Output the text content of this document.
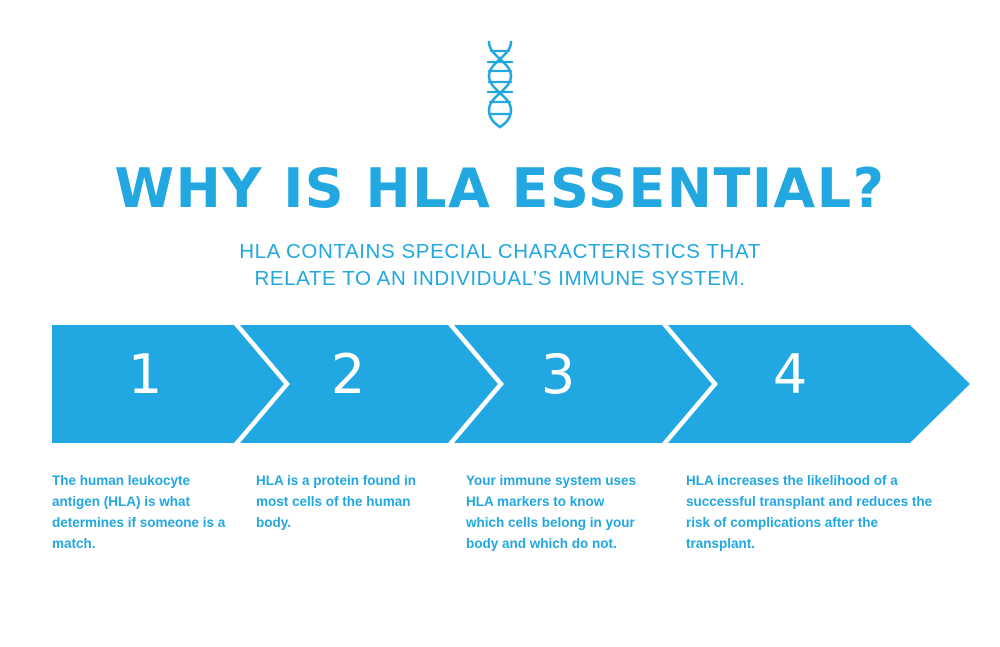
WHY IS HLA ESSENTIAL?
HLA CONTAINS SPECIAL CHARACTERISTICS THAT
RELATE TO AN INDIVIDUAL’S IMMUNE SYSTEM.
1	2	3	4
The human leukocyte antigen (HLA) is what determines if someone is a match.
HLA is a protein found in most cells of the human body.
Your immune system uses HLA markers to know which cells belong in your body and which do not.
HLA increases the likelihood of a successful transplant and reduces the risk of complications after the transplant.
